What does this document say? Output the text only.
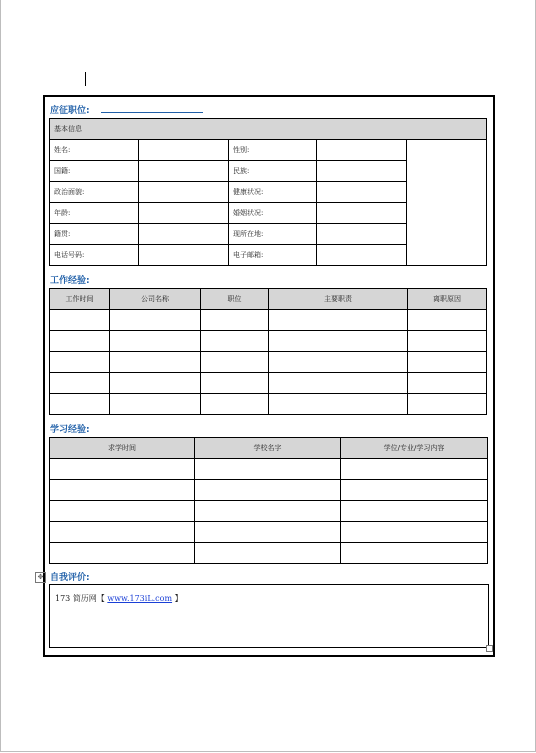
应征职位:
基本信息				
姓名:		性别:		
国籍:		民族:		
政治面貌:		健康状况:		
年龄:		婚姻状况:		
籍贯:		现所在地:		
电话号码:		电子邮箱:		
工作经验:
工作时间	公司名称	职位	主要职责	离职原因

学习经验:
求学时间	学校名字	学位/专业/学习内容

✥ 自我评价:
173 简历网【 www.173iL.com 】
